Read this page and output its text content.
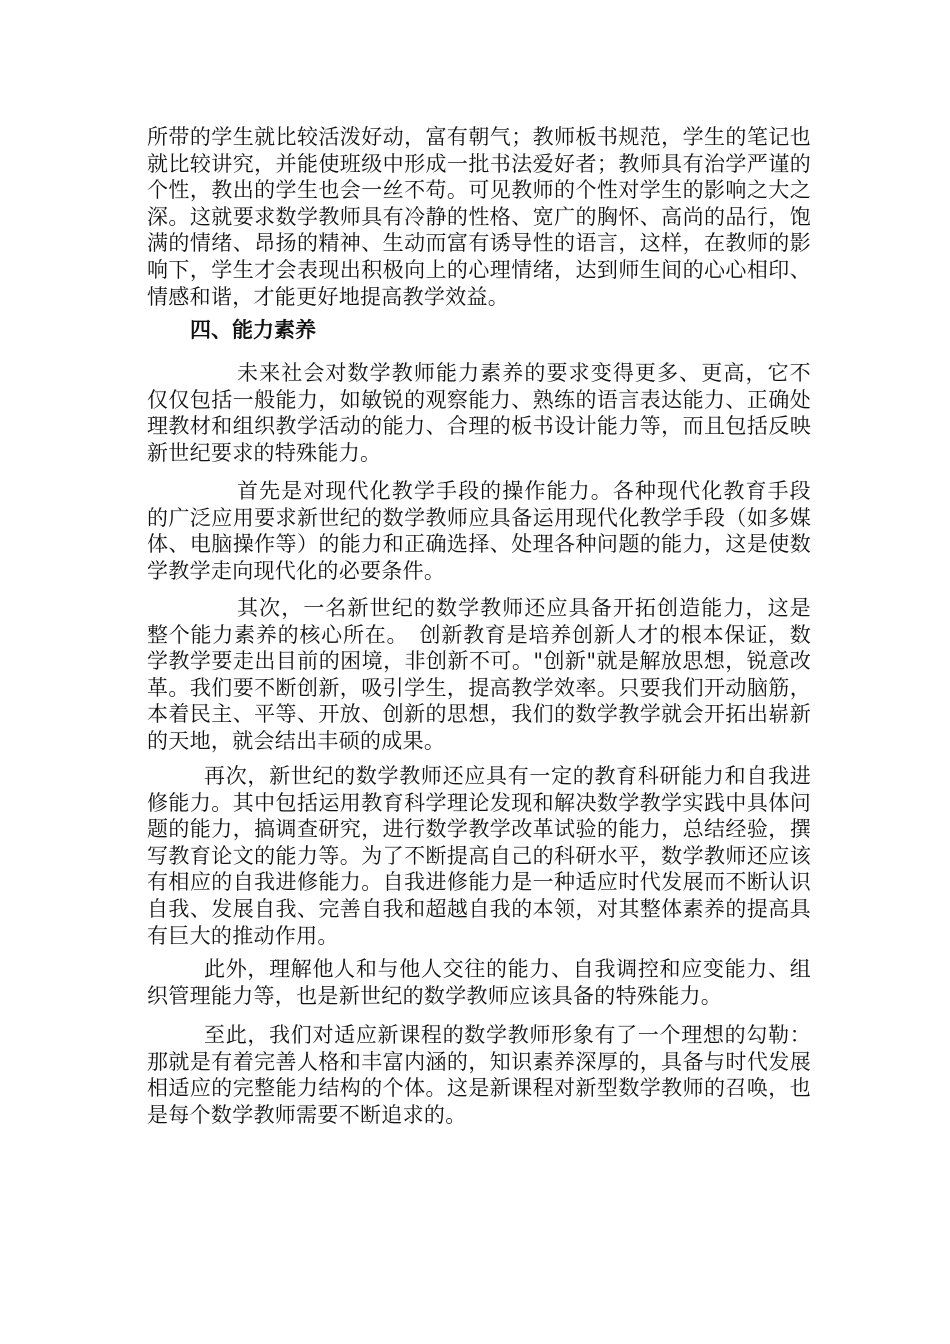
所带的学生就比较活泼好动，富有朝气；教师板书规范，学生的笔记也就比较讲究，并能使班级中形成一批书法爱好者；教师具有治学严谨的个性，教出的学生也会一丝不苟。可见教师的个性对学生的影响之大之深。这就要求数学教师具有冷静的性格、宽广的胸怀、高尚的品行，饱满的情绪、昂扬的精神、生动而富有诱导性的语言，这样，在教师的影响下，学生才会表现出积极向上的心理情绪，达到师生间的心心相印、情感和谐，才能更好地提高教学效益。

四、能力素养

未来社会对数学教师能力素养的要求变得更多、更高，它不仅仅包括一般能力，如敏锐的观察能力、熟练的语言表达能力、正确处理教材和组织教学活动的能力、合理的板书设计能力等，而且包括反映新世纪要求的特殊能力。

首先是对现代化教学手段的操作能力。各种现代化教育手段的广泛应用要求新世纪的数学教师应具备运用现代化教学手段（如多媒体、电脑操作等）的能力和正确选择、处理各种问题的能力，这是使数学教学走向现代化的必要条件。

其次，一名新世纪的数学教师还应具备开拓创造能力，这是整个能力素养的核心所在。　创新教育是培养创新人才的根本保证，数学教学要走出目前的困境，非创新不可。"创新"就是解放思想，锐意改革。我们要不断创新，吸引学生，提高教学效率。只要我们开动脑筋，本着民主、平等、开放、创新的思想，我们的数学教学就会开拓出崭新的天地，就会结出丰硕的成果。

再次，新世纪的数学教师还应具有一定的教育科研能力和自我进修能力。其中包括运用教育科学理论发现和解决数学教学实践中具体问题的能力，搞调查研究，进行数学教学改革试验的能力，总结经验，撰写教育论文的能力等。为了不断提高自己的科研水平，数学教师还应该有相应的自我进修能力。自我进修能力是一种适应时代发展而不断认识自我、发展自我、完善自我和超越自我的本领，对其整体素养的提高具有巨大的推动作用。

此外，理解他人和与他人交往的能力、自我调控和应变能力、组织管理能力等，也是新世纪的数学教师应该具备的特殊能力。

至此，我们对适应新课程的数学教师形象有了一个理想的勾勒：那就是有着完善人格和丰富内涵的，知识素养深厚的，具备与时代发展相适应的完整能力结构的个体。这是新课程对新型数学教师的召唤，也是每个数学教师需要不断追求的。
